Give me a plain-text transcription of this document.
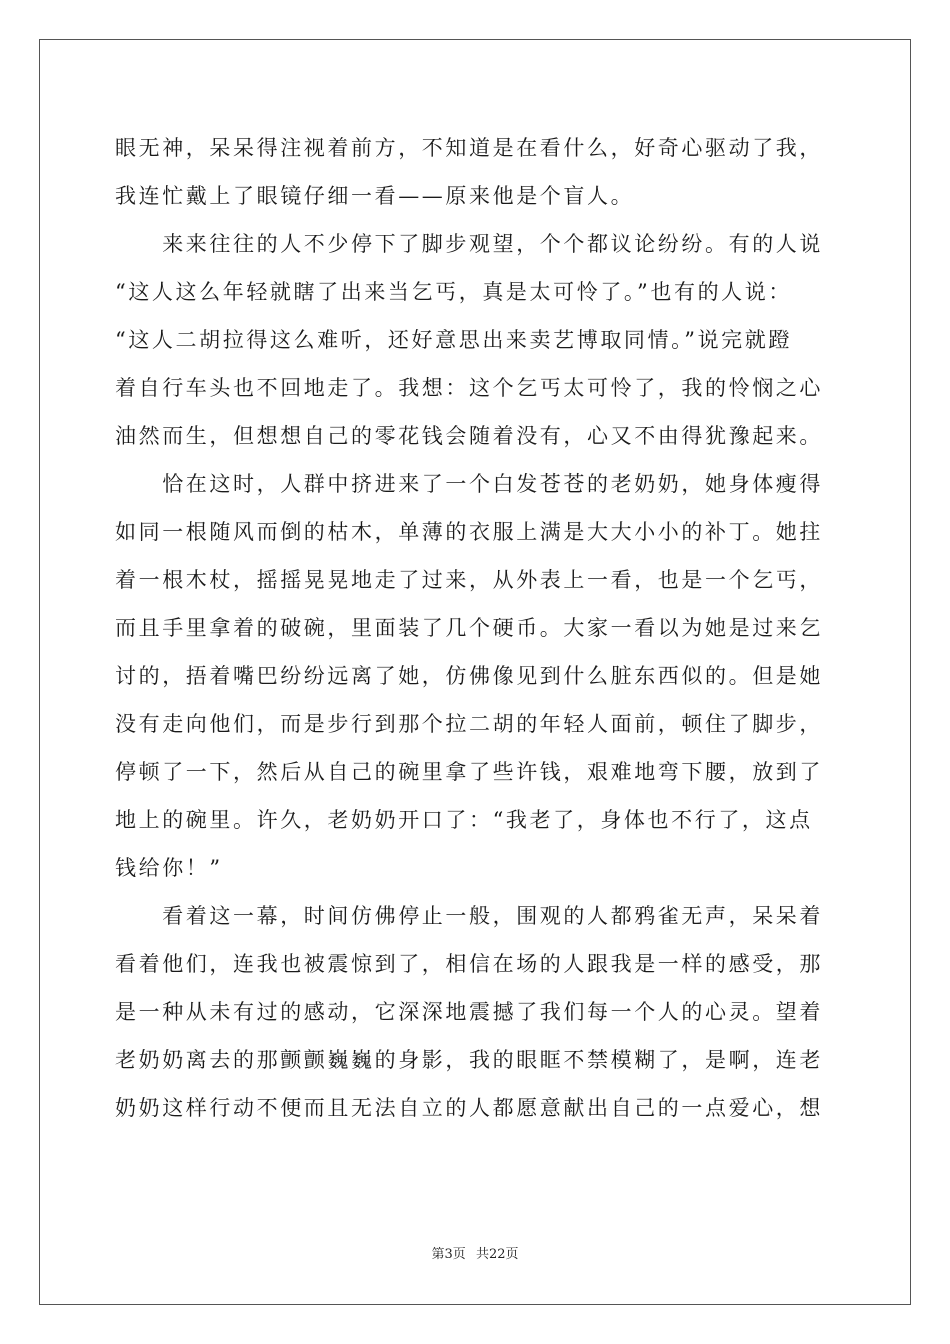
眼无神，呆呆得注视着前方，不知道是在看什么，好奇心驱动了我，
我连忙戴上了眼镜仔细一看——原来他是个盲人。
　　来来往往的人不少停下了脚步观望，个个都议论纷纷。有的人说
“这人这么年轻就瞎了出来当乞丐，真是太可怜了。”也有的人说：
“这人二胡拉得这么难听，还好意思出来卖艺博取同情。”说完就蹬
着自行车头也不回地走了。我想：这个乞丐太可怜了，我的怜悯之心
油然而生，但想想自己的零花钱会随着没有，心又不由得犹豫起来。
　　恰在这时，人群中挤进来了一个白发苍苍的老奶奶，她身体瘦得
如同一根随风而倒的枯木，单薄的衣服上满是大大小小的补丁。她拄
着一根木杖，摇摇晃晃地走了过来，从外表上一看，也是一个乞丐，
而且手里拿着的破碗，里面装了几个硬币。大家一看以为她是过来乞
讨的，捂着嘴巴纷纷远离了她，仿佛像见到什么脏东西似的。但是她
没有走向他们，而是步行到那个拉二胡的年轻人面前，顿住了脚步，
停顿了一下，然后从自己的碗里拿了些许钱，艰难地弯下腰，放到了
地上的碗里。许久，老奶奶开口了：“我老了，身体也不行了，这点
钱给你！”
　　看着这一幕，时间仿佛停止一般，围观的人都鸦雀无声，呆呆着
看着他们，连我也被震惊到了，相信在场的人跟我是一样的感受，那
是一种从未有过的感动，它深深地震撼了我们每一个人的心灵。望着
老奶奶离去的那颤颤巍巍的身影，我的眼眶不禁模糊了，是啊，连老
奶奶这样行动不便而且无法自立的人都愿意献出自己的一点爱心，想
第3页 共22页
